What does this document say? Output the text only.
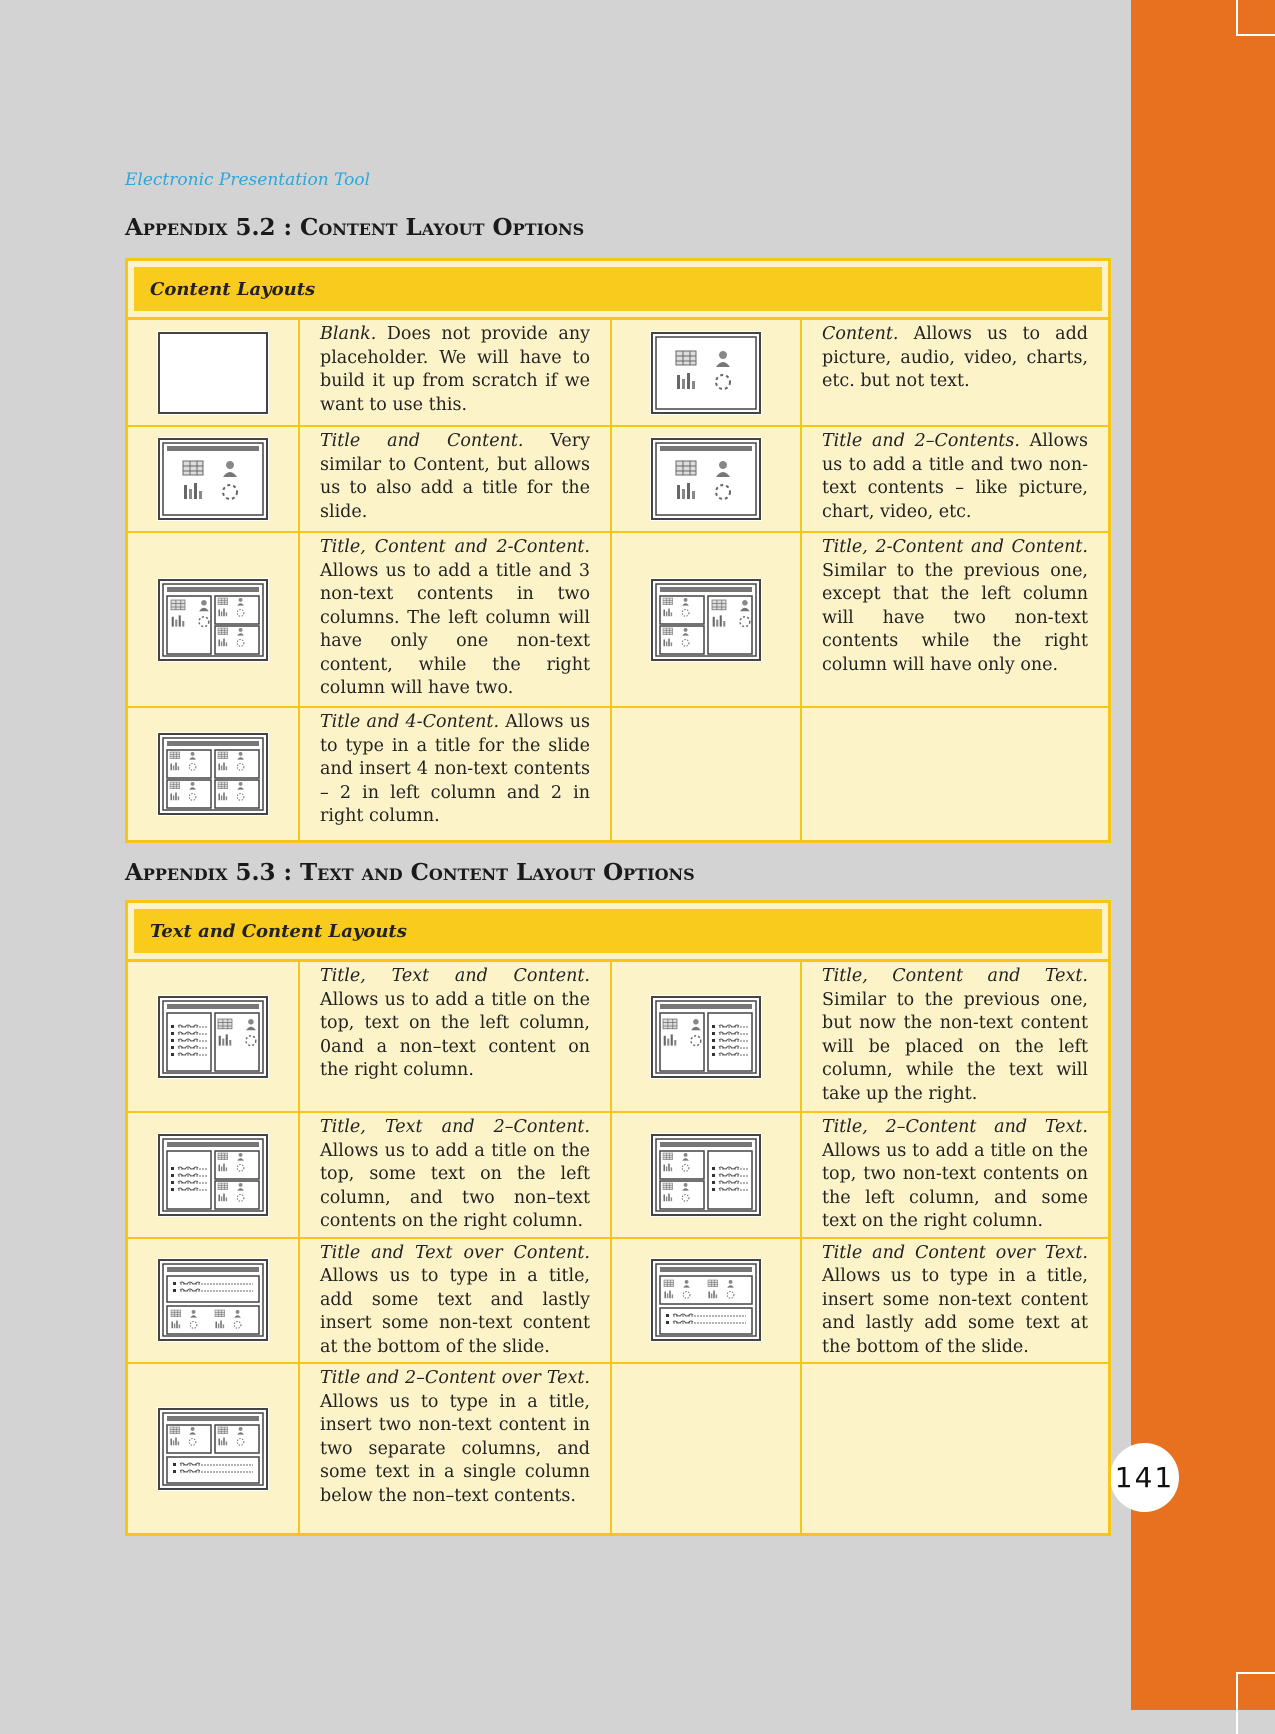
141
Electronic Presentation Tool
Appendix 5.2 : Content Layout Options
Content Layouts
	Blank. Does not provide any placeholder. We will have to build it up from scratch if we want to use this.		Content. Allows us to add picture, audio, video, charts, etc. but not text.

	Title and Content. Very similar to Content, but allows us to also add a title for the slide.		Title and 2–Contents. Allows us to add a title and two non-text contents – like picture, chart, video, etc.

	Title, Content and 2-Content. Allows us to add a title and 3 non-text contents in two columns. The left column will have only one non-text content, while the right column will have two.		Title, 2-Content and Content. Similar to the previous one, except that the left column will have two non-text contents while the right column will have only one.

	Title and 4-Content. Allows us to type in a title for the slide and insert 4 non-text contents – 2 in left column and 2 in right column.		
Appendix 5.3 : Text and Content Layout Options
Text and Content Layouts
	Title, Text and Content. Allows us to add a title on the top, text on the left column, 0and a non–text content on the right column.		Title, Content and Text. Similar to the previous one, but now the non-text content will be placed on the left column, while the text will take up the right.

	Title, Text and 2–Content. Allows us to add a title on the top, some text on the left column, and two non–text contents on the right column.		Title, 2–Content and Text. Allows us to add a title on the top, two non-text contents on the left column, and some text on the right column.

	Title and Text over Content. Allows us to type in a title, add some text and lastly insert some non-text content at the bottom of the slide.		Title and Content over Text. Allows us to type in a title, insert some non-text content and lastly add some text at the bottom of the slide.

	Title and 2–Content over Text. Allows us to type in a title, insert two non-text content in two separate columns, and some text in a single column below the non–text contents.		
